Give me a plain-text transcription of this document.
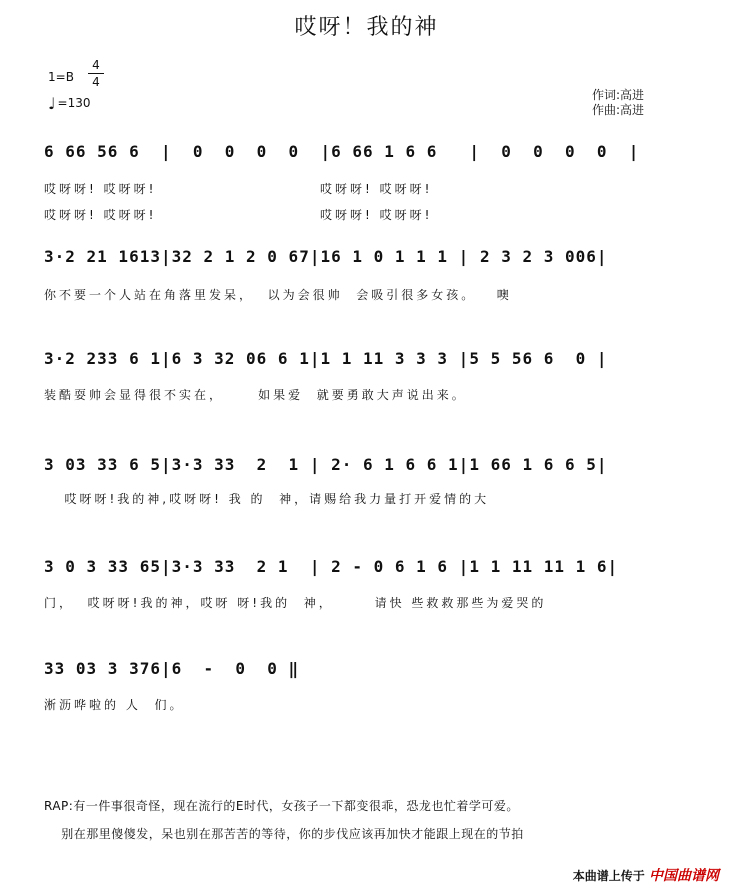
哎呀！我的神
1=B
4
4
♩ =130
作词:高进
作曲:高进
6 66 56 6  |  0  0  0  0  |6 66 1 6 6   |  0  0  0  0  |
哎呀呀! 哎呀呀!                        哎呀呀! 哎呀呀!
哎呀呀! 哎呀呀!                        哎呀呀! 哎呀呀!
3·2 21 1613|32 2 1 2 0 67|16 1 0 1 1 1 | 2 3 2 3 006|
你不要一个人站在角落里发呆，  以为会很帅  会吸引很多女孩。   噢
3·2 233 6 1|6 3 32 06 6 1|1 1 11 3 3 3 |5 5 56 6  0 |
装酷耍帅会显得很不实在，     如果爱  就要勇敢大声说出来。
3 03 33 6 5|3·3 33  2  1 | 2· 6 1 6 6 1|1 66 1 6 6 5|
哎呀呀!我的神,哎呀呀! 我 的  神，请赐给我力量打开爱情的大
3 0 3 33 65|3·3 33  2 1  | 2 - 0 6 1 6 |1 1 11 11 1 6|
门，  哎呀呀!我的神，哎呀 呀!我的  神，      请快 些救救那些为爱哭的
33 03 3 376|6  -  0  0 ‖
淅沥哗啦的 人  们。
RAP:有一件事很奇怪，现在流行的E时代，女孩子一下都变很乖，恐龙也忙着学可爱。
别在那里傻傻发，呆也别在那苦苦的等待，你的步伐应该再加快才能跟上现在的节拍
本曲谱上传于 中国曲谱网
